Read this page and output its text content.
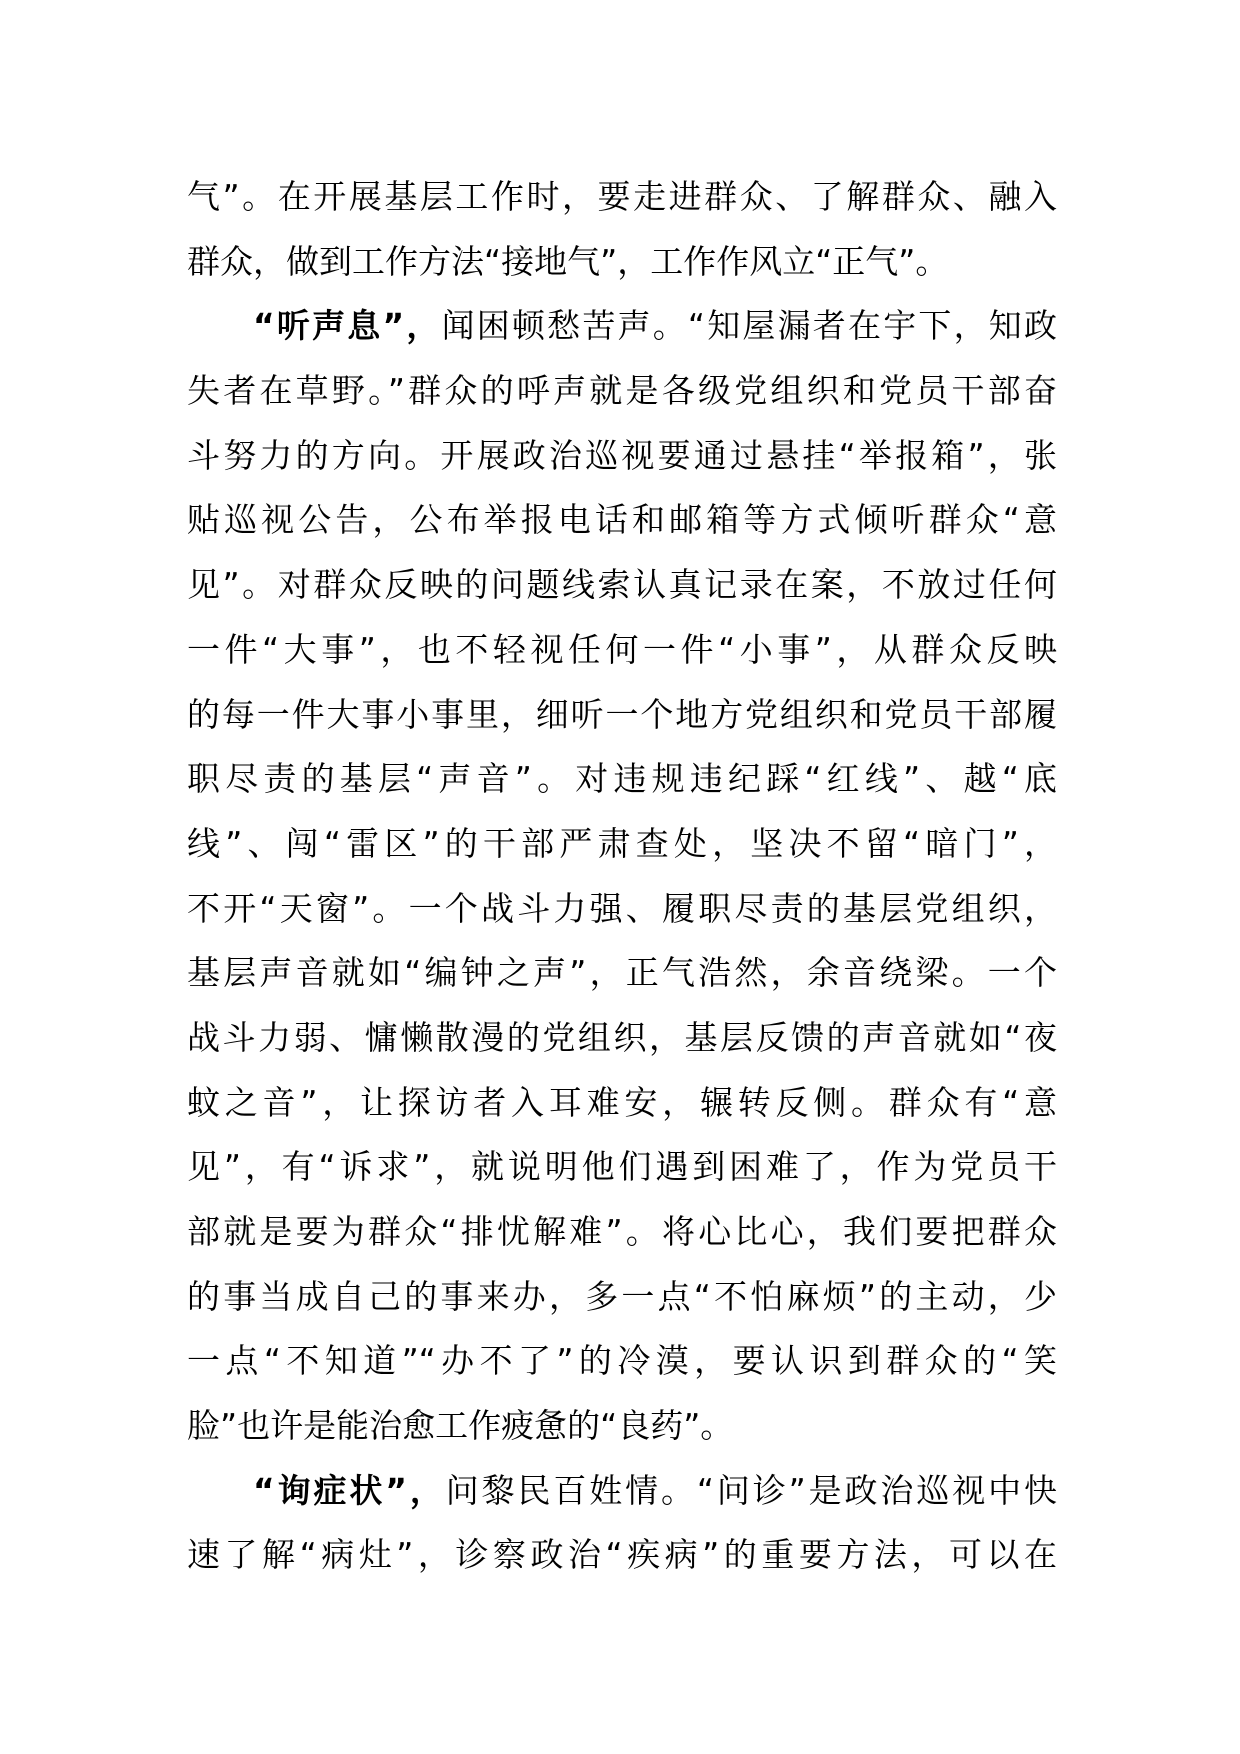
气”。在开展基层工作时，要走进群众、了解群众、融入
群众，做到工作方法“接地气”，工作作风立“正气”。
“听声息”，闻困顿愁苦声。“知屋漏者在宇下，知政
失者在草野。”群众的呼声就是各级党组织和党员干部奋
斗努力的方向。开展政治巡视要通过悬挂“举报箱”，张
贴巡视公告，公布举报电话和邮箱等方式倾听群众“意
见”。对群众反映的问题线索认真记录在案，不放过任何
一件“大事”，也不轻视任何一件“小事”，从群众反映
的每一件大事小事里，细听一个地方党组织和党员干部履
职尽责的基层“声音”。对违规违纪踩“红线”、越“底
线”、闯“雷区”的干部严肃查处，坚决不留“暗门”，
不开“天窗”。一个战斗力强、履职尽责的基层党组织，
基层声音就如“编钟之声”，正气浩然，余音绕梁。一个
战斗力弱、慵懒散漫的党组织，基层反馈的声音就如“夜
蚊之音”，让探访者入耳难安，辗转反侧。群众有“意
见”，有“诉求”，就说明他们遇到困难了，作为党员干
部就是要为群众“排忧解难”。将心比心，我们要把群众
的事当成自己的事来办，多一点“不怕麻烦”的主动，少
一点“不知道”“办不了”的冷漠，要认识到群众的“笑
脸”也许是能治愈工作疲惫的“良药”。
“询症状”，问黎民百姓情。“问诊”是政治巡视中快
速了解“病灶”，诊察政治“疾病”的重要方法，可以在
